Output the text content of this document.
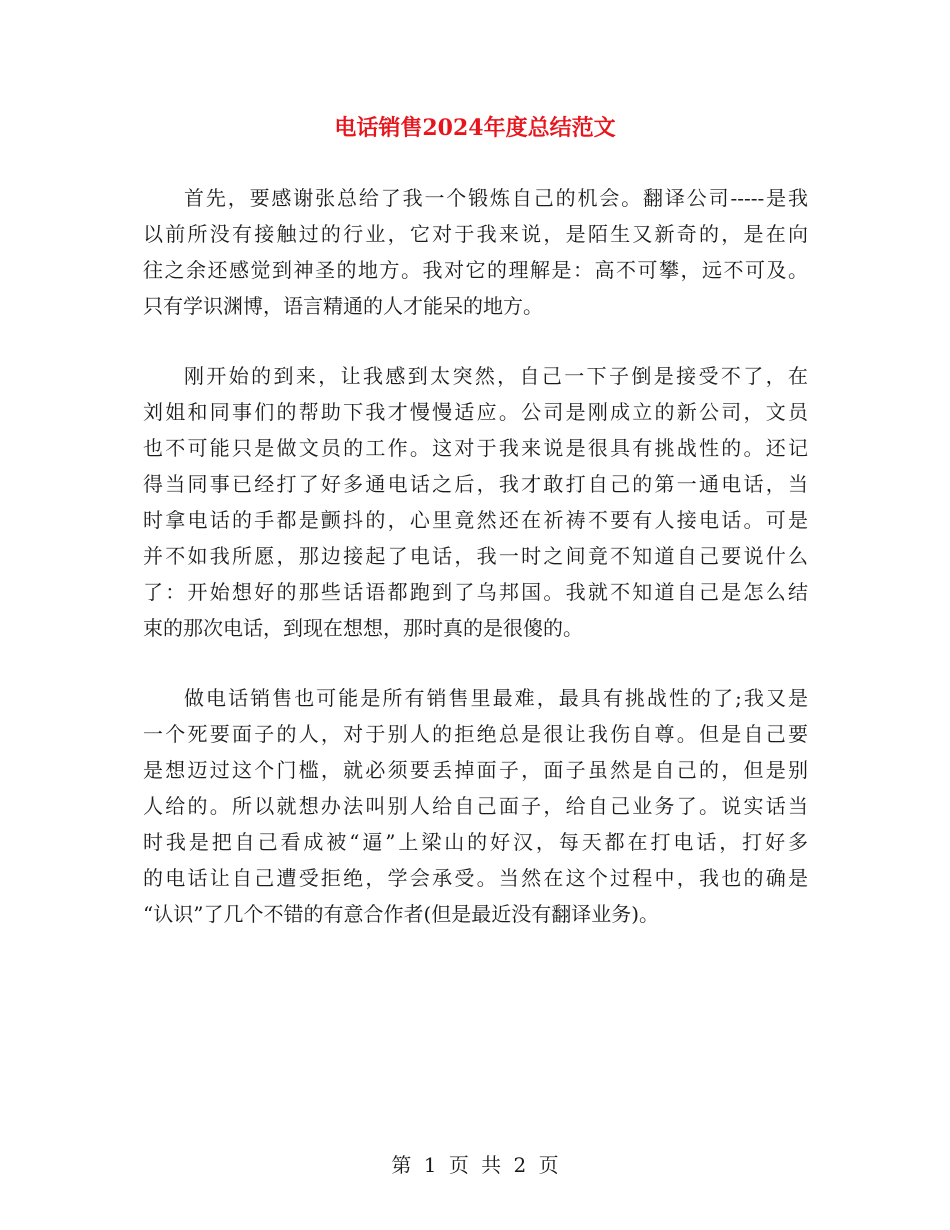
电话销售2024年度总结范文
首先，要感谢张总给了我一个锻炼自己的机会。翻译公司-----是我
以前所没有接触过的行业，它对于我来说，是陌生又新奇的，是在向
往之余还感觉到神圣的地方。我对它的理解是：高不可攀，远不可及。
只有学识渊博，语言精通的人才能呆的地方。
刚开始的到来，让我感到太突然，自己一下子倒是接受不了，在
刘姐和同事们的帮助下我才慢慢适应。公司是刚成立的新公司，文员
也不可能只是做文员的工作。这对于我来说是很具有挑战性的。还记
得当同事已经打了好多通电话之后，我才敢打自己的第一通电话，当
时拿电话的手都是颤抖的，心里竟然还在祈祷不要有人接电话。可是
并不如我所愿，那边接起了电话，我一时之间竟不知道自己要说什么
了：开始想好的那些话语都跑到了乌邦国。我就不知道自己是怎么结
束的那次电话，到现在想想，那时真的是很傻的。
做电话销售也可能是所有销售里最难，最具有挑战性的了;我又是
一个死要面子的人，对于别人的拒绝总是很让我伤自尊。但是自己要
是想迈过这个门槛，就必须要丢掉面子，面子虽然是自己的，但是别
人给的。所以就想办法叫别人给自己面子，给自己业务了。说实话当
时我是把自己看成被“逼”上梁山的好汉，每天都在打电话，打好多
的电话让自己遭受拒绝，学会承受。当然在这个过程中，我也的确是
“认识”了几个不错的有意合作者(但是最近没有翻译业务)。
第 1 页 共 2 页
